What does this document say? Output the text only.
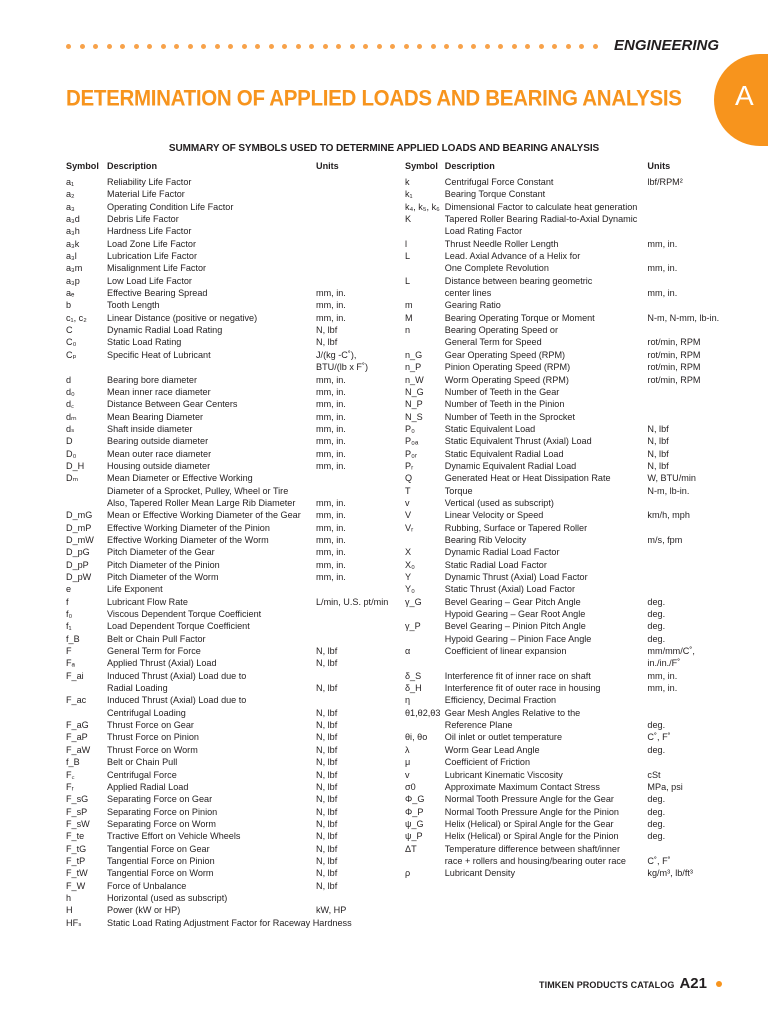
ENGINEERING
A
DETERMINATION OF APPLIED LOADS AND BEARING ANALYSIS
SUMMARY OF SYMBOLS USED TO DETERMINE APPLIED LOADS AND BEARING ANALYSIS
Symbol Description	Units
a₁	Reliability Life Factor
a₂	Material Life Factor
a₃	Operating Condition Life Factor
a₃d	Debris Life Factor
a₃h	Hardness Life Factor
a₃k	Load Zone Life Factor
a₃l	Lubrication Life Factor
a₃m	Misalignment Life Factor
a₃p	Low Load Life Factor
aₑ	Effective Bearing Spread	mm, in.
b	Tooth Length	mm, in.
c₁, c₂	Linear Distance (positive or negative)	mm, in.
C	Dynamic Radial Load Rating	N, lbf
C₀	Static Load Rating	N, lbf
Cₚ	Specific Heat of Lubricant	J/(kg -C˚),
BTU/(lb x F˚)
d	Bearing bore diameter	mm, in.
d₀	Mean inner race diameter	mm, in.
d꜀	Distance Between Gear Centers	mm, in.
dₘ	Mean Bearing Diameter	mm, in.
dₛ	Shaft inside diameter	mm, in.
D	Bearing outside diameter	mm, in.
D₀	Mean outer race diameter	mm, in.
D_H	Housing outside diameter	mm, in.
Dₘ	Mean Diameter or Effective Working
Diameter of a Sprocket, Pulley, Wheel or Tire
Also, Tapered Roller Mean Large Rib Diameter	mm, in.
D_mG	Mean or Effective Working Diameter of the Gear	mm, in.
D_mP	Effective Working Diameter of the Pinion	mm, in.
D_mW	Effective Working Diameter of the Worm	mm, in.
D_pG	Pitch Diameter of the Gear	mm, in.
D_pP	Pitch Diameter of the Pinion	mm, in.
D_pW	Pitch Diameter of the Worm	mm, in.
e	Life Exponent
f	Lubricant Flow Rate	L/min, U.S. pt/min
f₀	Viscous Dependent Torque Coefficient
f₁	Load Dependent Torque Coefficient
f_B	Belt or Chain Pull Factor
F	General Term for Force	N, lbf
Fₐ	Applied Thrust (Axial) Load	N, lbf
F_ai	Induced Thrust (Axial) Load due to
Radial Loading	N, lbf
F_ac	Induced Thrust (Axial) Load due to
Centrifugal Loading	N, lbf
F_aG	Thrust Force on Gear	N, lbf
F_aP	Thrust Force on Pinion	N, lbf
F_aW	Thrust Force on Worm	N, lbf
f_B	Belt or Chain Pull	N, lbf
F꜀	Centrifugal Force	N, lbf
Fᵣ	Applied Radial Load	N, lbf
F_sG	Separating Force on Gear	N, lbf
F_sP	Separating Force on Pinion	N, lbf
F_sW	Separating Force on Worm	N, lbf
F_te	Tractive Effort on Vehicle Wheels	N, lbf
F_tG	Tangential Force on Gear	N, lbf
F_tP	Tangential Force on Pinion	N, lbf
F_tW	Tangential Force on Worm	N, lbf
F_W	Force of Unbalance	N, lbf
h	Horizontal (used as subscript)
H	Power (kW or HP)	kW, HP
HFₛ	Static Load Rating Adjustment Factor for Raceway Hardness
Symbol Description	Units
k	Centrifugal Force Constant	lbf/RPM²
k₁	Bearing Torque Constant
k₄, k₅, k₆ Dimensional Factor to calculate heat generation
K	Tapered Roller Bearing Radial-to-Axial Dynamic
Load Rating Factor
l	Thrust Needle Roller Length	mm, in.
L	Lead. Axial Advance of a Helix for
One Complete Revolution	mm, in.
L	Distance between bearing geometric
center lines	mm, in.
m	Gearing Ratio
M	Bearing Operating Torque or Moment	N-m, N-mm, lb-in.
n	Bearing Operating Speed or
General Term for Speed	rot/min, RPM
n_G	Gear Operating Speed (RPM)	rot/min, RPM
n_P	Pinion Operating Speed (RPM)	rot/min, RPM
n_W	Worm Operating Speed (RPM)	rot/min, RPM
N_G	Number of Teeth in the Gear
N_P	Number of Teeth in the Pinion
N_S	Number of Teeth in the Sprocket
P₀	Static Equivalent Load	N, lbf
P₀ₐ	Static Equivalent Thrust (Axial) Load	N, lbf
P₀ᵣ	Static Equivalent Radial Load	N, lbf
Pᵣ	Dynamic Equivalent Radial Load	N, lbf
Q	Generated Heat or Heat Dissipation Rate	W, BTU/min
T	Torque	N-m, lb-in.
v	Vertical (used as subscript)
V	Linear Velocity or Speed	km/h, mph
Vᵣ	Rubbing, Surface or Tapered Roller
Bearing Rib Velocity	m/s, fpm
X	Dynamic Radial Load Factor
X₀	Static Radial Load Factor
Y	Dynamic Thrust (Axial) Load Factor
Y₀	Static Thrust (Axial) Load Factor
γ_G	Bevel Gearing – Gear Pitch Angle	deg.
Hypoid Gearing – Gear Root Angle	deg.
γ_P	Bevel Gearing – Pinion Pitch Angle	deg.
Hypoid Gearing – Pinion Face Angle	deg.
α	Coefficient of linear expansion	mm/mm/C˚,
in./in./F˚
δ_S	Interference fit of inner race on shaft	mm, in.
δ_H	Interference fit of outer race in housing	mm, in.
η	Efficiency, Decimal Fraction
θ1,θ2,θ3 Gear Mesh Angles Relative to the
Reference Plane	deg.
θi, θo	Oil inlet or outlet temperature	C˚, F˚
λ	Worm Gear Lead Angle	deg.
μ	Coefficient of Friction
v	Lubricant Kinematic Viscosity	cSt
σ0	Approximate Maximum Contact Stress	MPa, psi
Φ_G	Normal Tooth Pressure Angle for the Gear	deg.
Φ_P	Normal Tooth Pressure Angle for the Pinion	deg.
ψ_G	Helix (Helical) or Spiral Angle for the Gear	deg.
ψ_P	Helix (Helical) or Spiral Angle for the Pinion	deg.
ΔT	Temperature difference between shaft/inner
race + rollers and housing/bearing outer race	C˚, F˚
ρ	Lubricant Density	kg/m³, lb/ft³
TIMKEN PRODUCTS CATALOG A21
